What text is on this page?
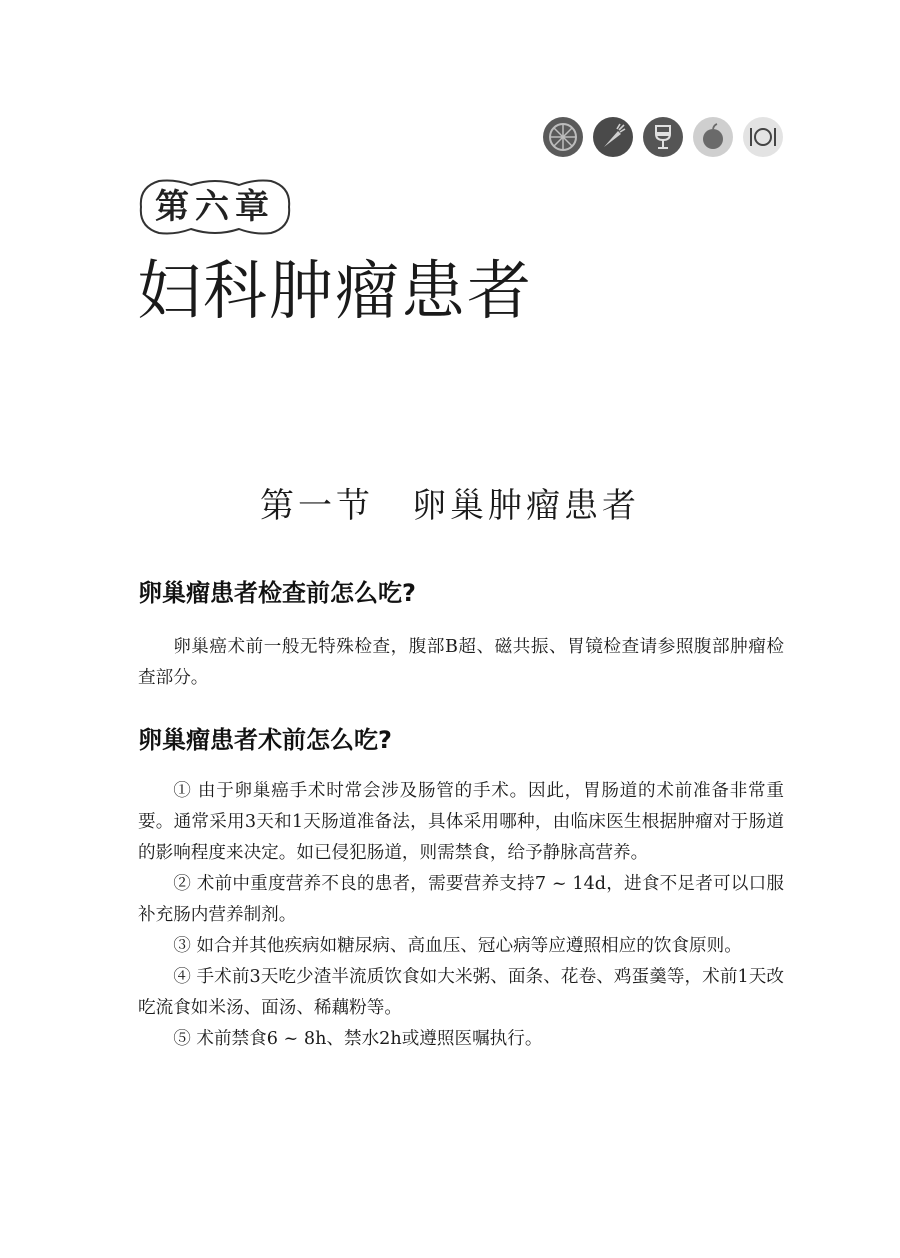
第六章
妇科肿瘤患者
第一节　卵巢肿瘤患者
卵巢瘤患者检查前怎么吃?

卵巢癌术前一般无特殊检查，腹部B超、磁共振、胃镜检查请参照腹部肿瘤检查部分。

卵巢瘤患者术前怎么吃?

① 由于卵巢癌手术时常会涉及肠管的手术。因此，胃肠道的术前准备非常重要。通常采用3天和1天肠道准备法，具体采用哪种，由临床医生根据肿瘤对于肠道的影响程度来决定。如已侵犯肠道，则需禁食，给予静脉高营养。

② 术前中重度营养不良的患者，需要营养支持7 ~ 14d，进食不足者可以口服补充肠内营养制剂。

③ 如合并其他疾病如糖尿病、高血压、冠心病等应遵照相应的饮食原则。

④ 手术前3天吃少渣半流质饮食如大米粥、面条、花卷、鸡蛋羹等，术前1天改吃流食如米汤、面汤、稀藕粉等。

⑤ 术前禁食6 ~ 8h、禁水2h或遵照医嘱执行。
